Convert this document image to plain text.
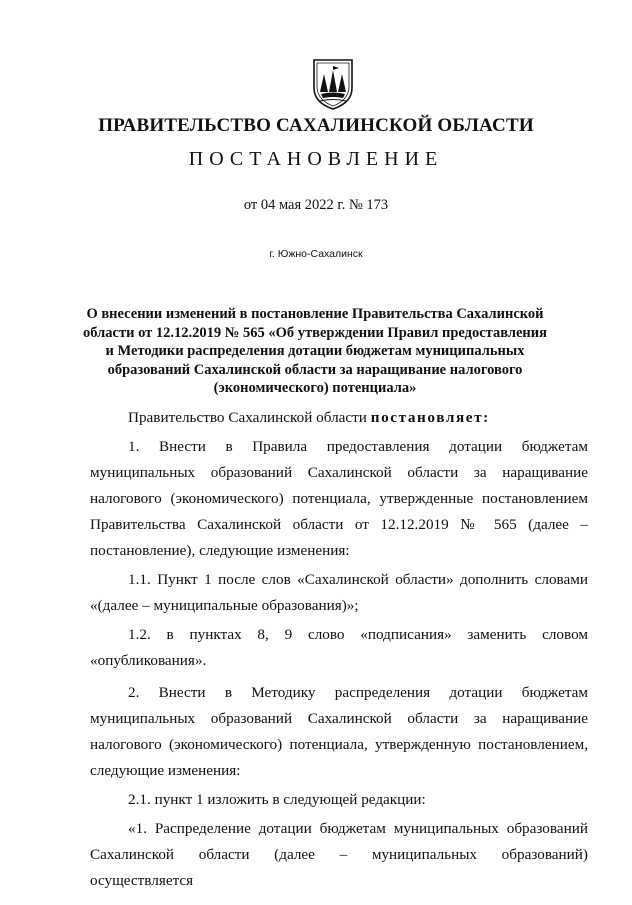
ПРАВИТЕЛЬСТВО САХАЛИНСКОЙ ОБЛАСТИ
ПОСТАНОВЛЕНИЕ
от 04 мая 2022 г. № 173
г. Южно-Сахалинск
О внесении изменений в постановление Правительства Сахалинской области от 12.12.2019 № 565 «Об утверждении Правил предоставления и Методики распределения дотации бюджетам муниципальных образований Сахалинской области за наращивание налогового (экономического) потенциала»

Правительство Сахалинской области постановляет:

1. Внести в Правила предоставления дотации бюджетам муниципальных образований Сахалинской области за наращивание налогового (экономического) потенциала, утвержденные постановлением Правительства Сахалинской области от 12.12.2019 № 565 (далее – постановление), следующие изменения:

1.1. Пункт 1 после слов «Сахалинской области» дополнить словами «(далее – муниципальные образования)»;

1.2. в пунктах 8, 9 слово «подписания» заменить словом «опубликования».

2. Внести в Методику распределения дотации бюджетам муниципальных образований Сахалинской области за наращивание налогового (экономического) потенциала, утвержденную постановлением, следующие изменения:

2.1. пункт 1 изложить в следующей редакции:

«1. Распределение дотации бюджетам муниципальных образований Сахалинской области (далее – муниципальных образований) осуществляется
